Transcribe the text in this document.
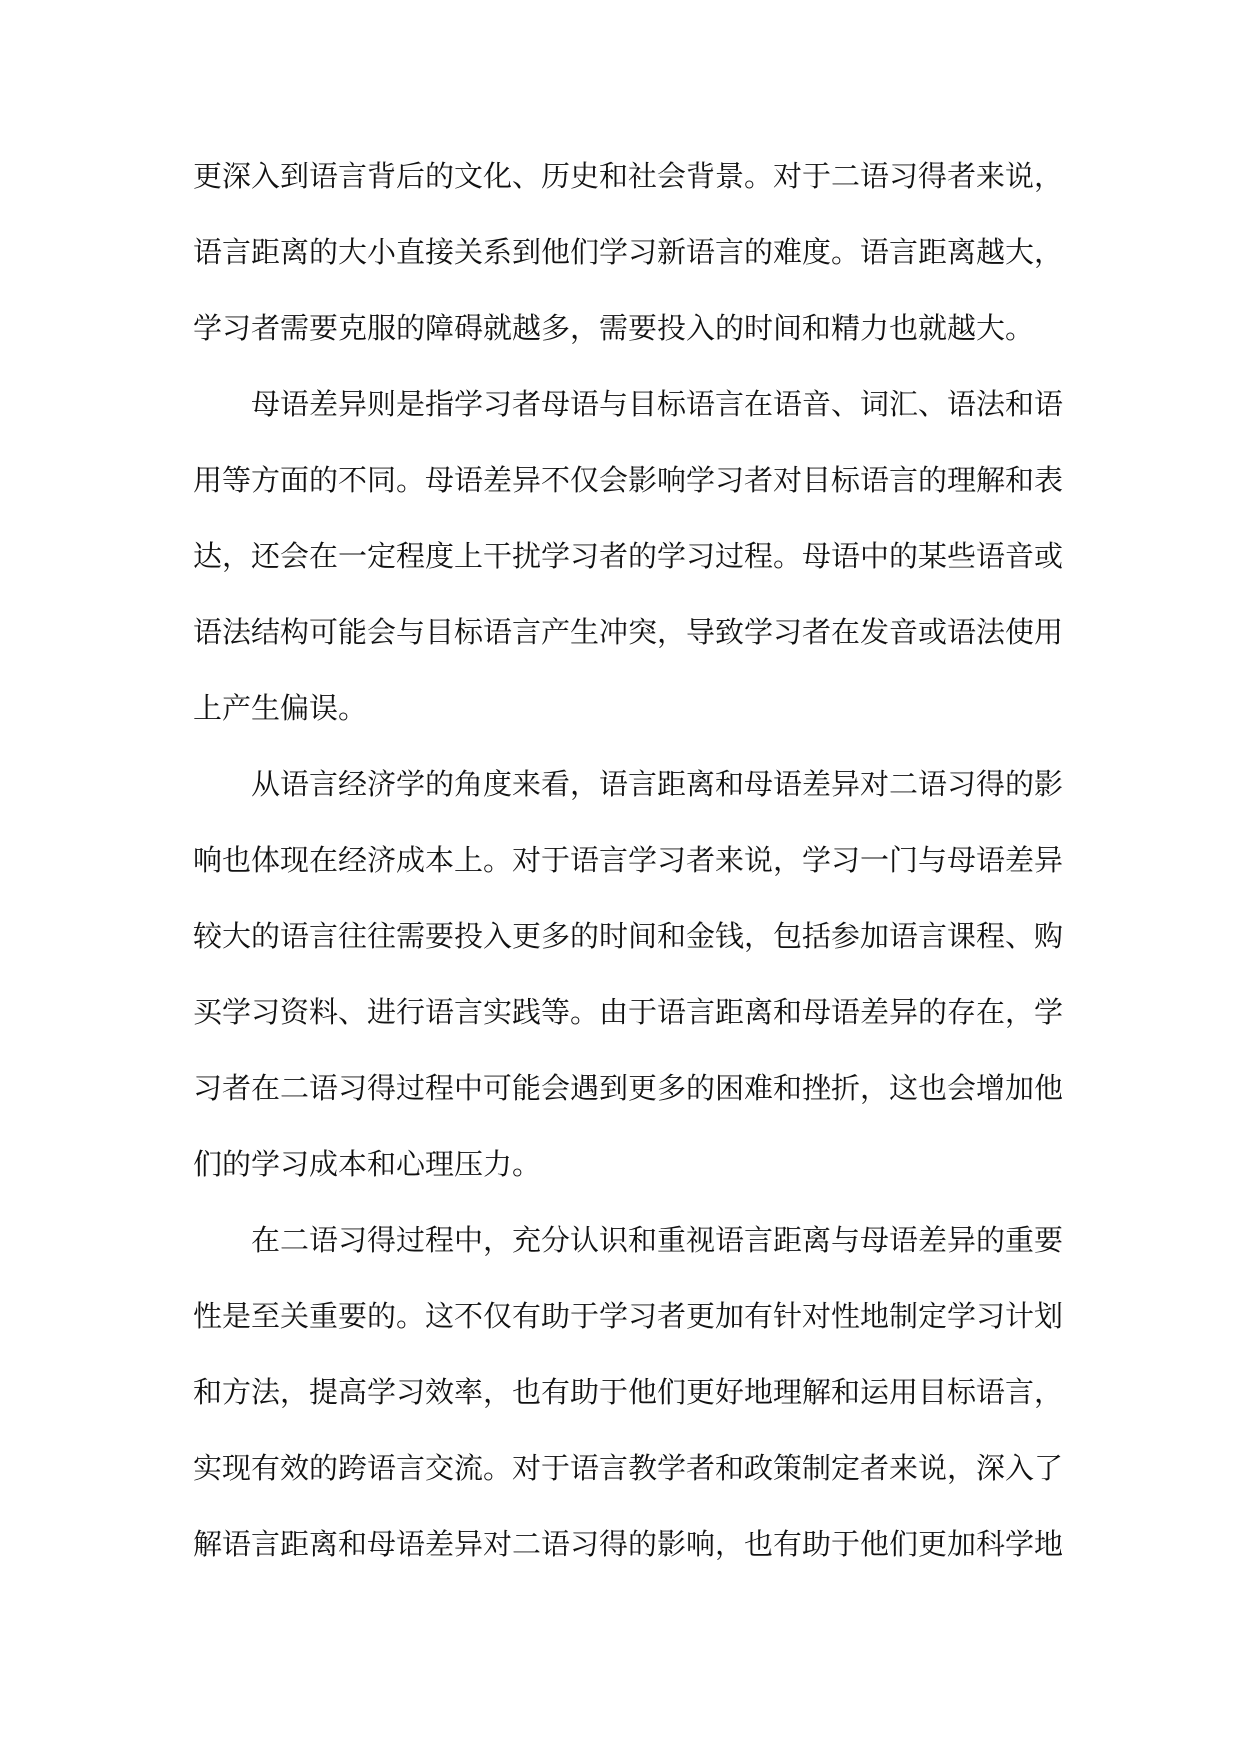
更深入到语言背后的文化、历史和社会背景。对于二语习得者来说，
语言距离的大小直接关系到他们学习新语言的难度。语言距离越大，
学习者需要克服的障碍就越多，需要投入的时间和精力也就越大。
母语差异则是指学习者母语与目标语言在语音、词汇、语法和语
用等方面的不同。母语差异不仅会影响学习者对目标语言的理解和表
达，还会在一定程度上干扰学习者的学习过程。母语中的某些语音或
语法结构可能会与目标语言产生冲突，导致学习者在发音或语法使用
上产生偏误。
从语言经济学的角度来看，语言距离和母语差异对二语习得的影
响也体现在经济成本上。对于语言学习者来说，学习一门与母语差异
较大的语言往往需要投入更多的时间和金钱，包括参加语言课程、购
买学习资料、进行语言实践等。由于语言距离和母语差异的存在，学
习者在二语习得过程中可能会遇到更多的困难和挫折，这也会增加他
们的学习成本和心理压力。
在二语习得过程中，充分认识和重视语言距离与母语差异的重要
性是至关重要的。这不仅有助于学习者更加有针对性地制定学习计划
和方法，提高学习效率，也有助于他们更好地理解和运用目标语言，
实现有效的跨语言交流。对于语言教学者和政策制定者来说，深入了
解语言距离和母语差异对二语习得的影响，也有助于他们更加科学地
